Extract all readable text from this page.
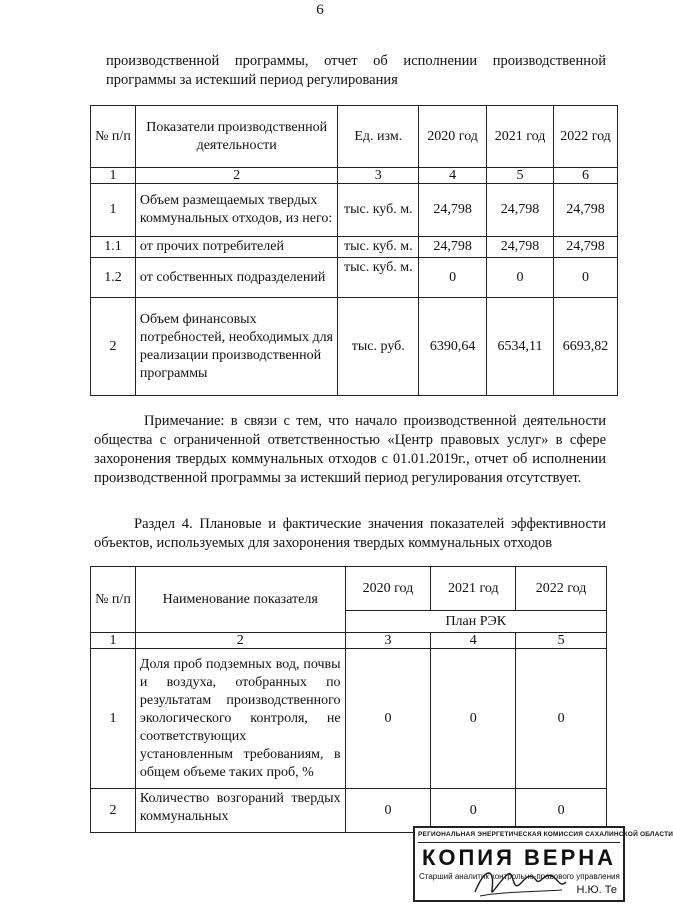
6
производственной программы, отчет об исполнении производственной программы за истекший период регулирования
№ п/п	Показатели производственной деятельности	Ед. изм.	2020 год	2021 год	2022 год
1	2	3	4	5	6
1	Объем размещаемых твердых коммунальных отходов, из него:	тыс. куб. м.	24,798	24,798	24,798
1.1	от прочих потребителей	тыс. куб. м.	24,798	24,798	24,798
1.2	от собственных подразделений	тыс. куб. м.	0	0	0
2	Объем финансовых потребностей, необходимых для реализации производственной программы	тыс. руб.	6390,64	6534,11	6693,82
Примечание: в связи с тем, что начало производственной деятельности общества с ограниченной ответственностью «Центр правовых услуг» в сфере захоронения твердых коммунальных отходов с 01.01.2019г., отчет об исполнении производственной программы за истекший период регулирования отсутствует.
Раздел 4. Плановые и фактические значения показателей эффективности объектов, используемых для захоронения твердых коммунальных отходов
№ п/п	Наименование показателя	2020 год	2021 год	2022 год
		План РЭК		
1	2	3	4	5
1	Доля проб подземных вод, почвы и воздуха, отобранных по результатам производственного экологического контроля, не соответствующих установленным требованиям, в общем объеме таких проб, %	0	0	0
2	Количество возгораний твердых коммунальных	0	0	0
РЕГИОНАЛЬНАЯ ЭНЕРГЕТИЧЕСКАЯ КОМИССИЯ САХАЛИНСКОЙ ОБЛАСТИ
КОПИЯ ВЕРНА
Старший аналитик контрольно-правового управления
Н.Ю. Те
